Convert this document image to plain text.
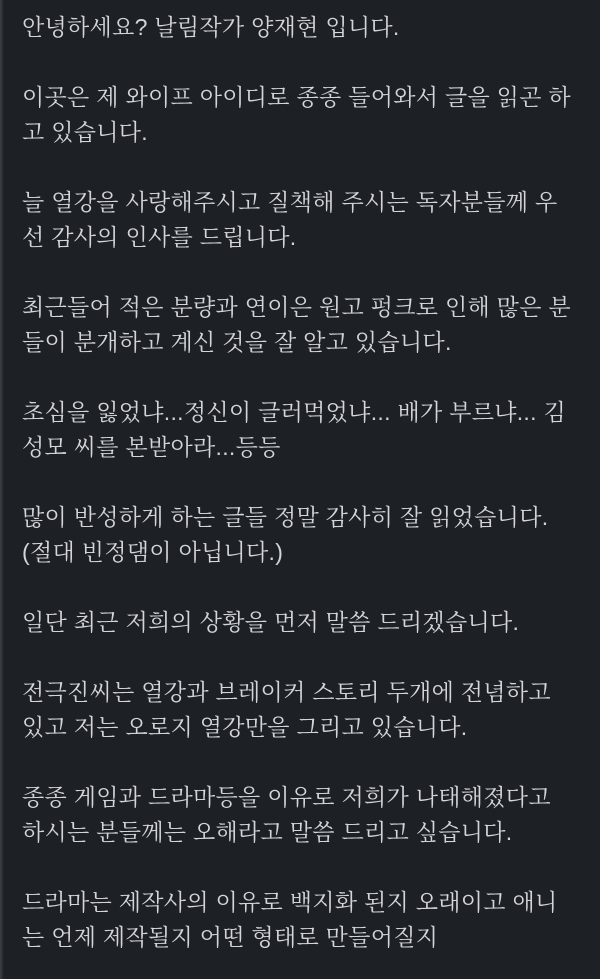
안녕하세요? 날림작가 양재현 입니다.

이곳은 제 와이프 아이디로 종종 들어와서 글을 읽곤 하고 있습니다.

늘 열강을 사랑해주시고 질책해 주시는 독자분들께 우선 감사의 인사를 드립니다.

최근들어 적은 분량과 연이은 원고 펑크로 인해 많은 분들이 분개하고 계신 것을 잘 알고 있습니다.

초심을 잃었냐...정신이 글러먹었냐... 배가 부르냐... 김성모 씨를 본받아라...등등

많이 반성하게 하는 글들 정말 감사히 잘 읽었습니다.(절대 빈정댐이 아닙니다.)

일단 최근 저희의 상황을 먼저 말씀 드리겠습니다.

전극진씨는 열강과 브레이커 스토리 두개에 전념하고 있고 저는 오로지 열강만을 그리고 있습니다.

종종 게임과 드라마등을 이유로 저희가 나태해졌다고 하시는 분들께는 오해라고 말씀 드리고 싶습니다.

드라마는 제작사의 이유로 백지화 된지 오래이고 애니는 언제 제작될지 어떤 형태로 만들어질지
